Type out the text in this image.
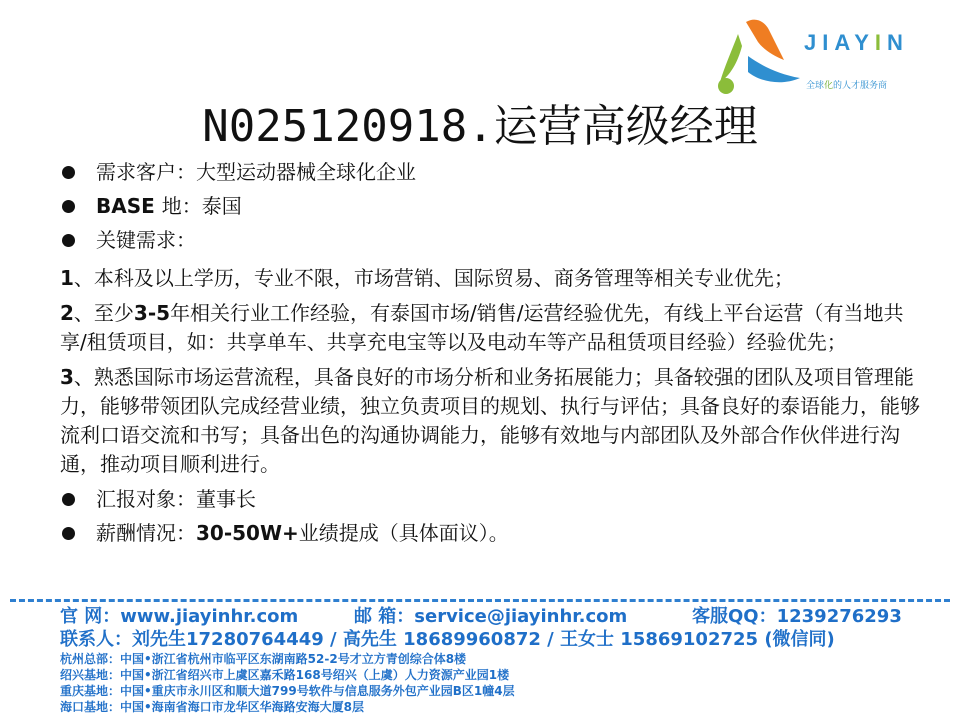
JIAYIN
全球化的人才服务商
N025120918.运营高级经理
需求客户：大型运动器械全球化企业
BASE 地：泰国
关键需求：
1、本科及以上学历，专业不限，市场营销、国际贸易、商务管理等相关专业优先；
2、至少3-5年相关行业工作经验，有泰国市场/销售/运营经验优先，有线上平台运营（有当地共享/租赁项目，如：共享单车、共享充电宝等以及电动车等产品租赁项目经验）经验优先；
3、熟悉国际市场运营流程，具备良好的市场分析和业务拓展能力；具备较强的团队及项目管理能力，能够带领团队完成经营业绩，独立负责项目的规划、执行与评估；具备良好的泰语能力，能够流利口语交流和书写；具备出色的沟通协调能力，能够有效地与内部团队及外部合作伙伴进行沟通，推动项目顺利进行。
汇报对象：董事长
薪酬情况：30-50W+业绩提成（具体面议）。
官 网：www.jiayinhr.com	邮 箱：service@jiayinhr.com	客服QQ：1239276293
联系人：刘先生17280764449 / 高先生 18689960872 / 王女士 15869102725 (微信同)
杭州总部：中国•浙江省杭州市临平区东湖南路52-2号才立方青创综合体8楼
绍兴基地：中国•浙江省绍兴市上虞区嘉禾路168号绍兴（上虞）人力资源产业园1楼
重庆基地：中国•重庆市永川区和顺大道799号软件与信息服务外包产业园B区1幢4层
海口基地：中国•海南省海口市龙华区华海路安海大厦8层
